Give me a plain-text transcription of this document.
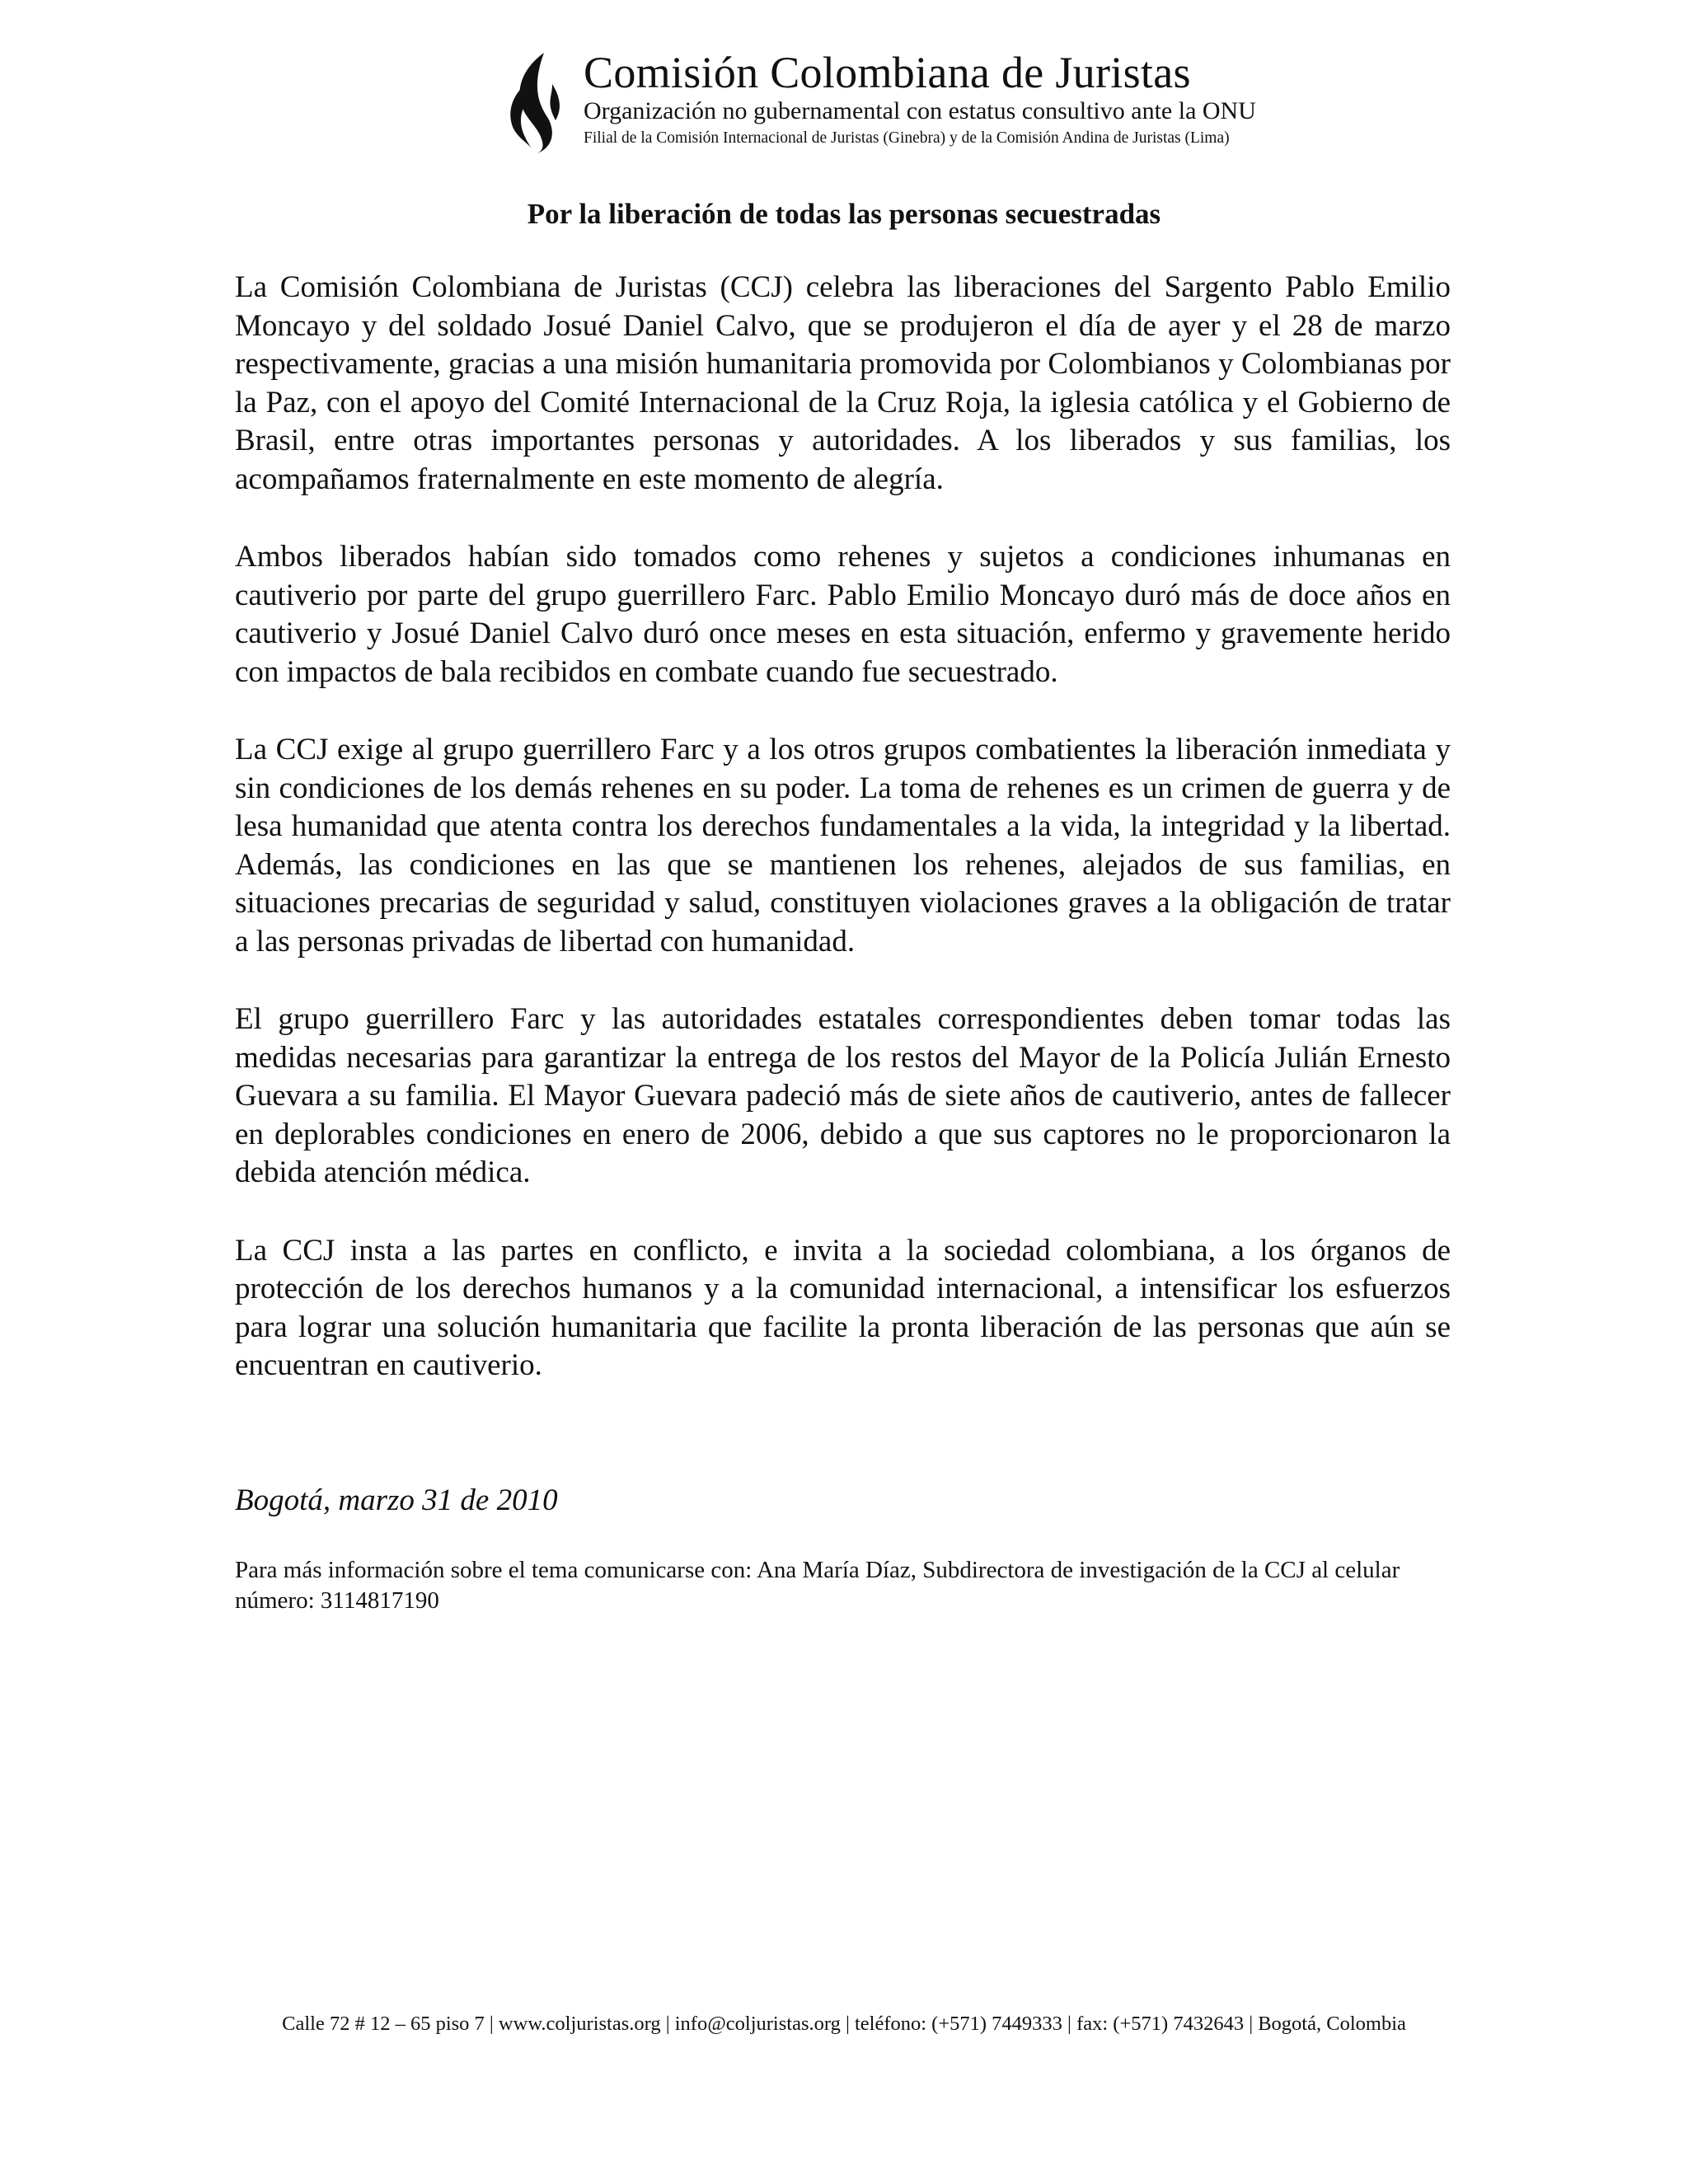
Comisión Colombiana de Juristas
Organización no gubernamental con estatus consultivo ante la ONU
Filial de la Comisión Internacional de Juristas (Ginebra) y de la Comisión Andina de Juristas (Lima)
Por la liberación de todas las personas secuestradas

La Comisión Colombiana de Juristas (CCJ) celebra las liberaciones del Sargento Pablo Emilio Moncayo y del soldado Josué Daniel Calvo, que se produjeron el día de ayer y el 28 de marzo respectivamente, gracias a una misión humanitaria promovida por Colombianos y Colombianas por la Paz, con el apoyo del Comité Internacional de la Cruz Roja, la iglesia católica y el Gobierno de Brasil, entre otras importantes personas y autoridades. A los liberados y sus familias, los acompañamos fraternalmente en este momento de alegría.

Ambos liberados habían sido tomados como rehenes y sujetos a condiciones inhumanas en cautiverio por parte del grupo guerrillero Farc. Pablo Emilio Moncayo duró más de doce años en cautiverio y Josué Daniel Calvo duró once meses en esta situación, enfermo y gravemente herido con impactos de bala recibidos en combate cuando fue secuestrado.

La CCJ exige al grupo guerrillero Farc y a los otros grupos combatientes la liberación inmediata y sin condiciones de los demás rehenes en su poder. La toma de rehenes es un crimen de guerra y de lesa humanidad que atenta contra los derechos fundamentales a la vida, la integridad y la libertad. Además, las condiciones en las que se mantienen los rehenes, alejados de sus familias, en situaciones precarias de seguridad y salud, constituyen violaciones graves a la obligación de tratar a las personas privadas de libertad con humanidad.

El grupo guerrillero Farc y las autoridades estatales correspondientes deben tomar todas las medidas necesarias para garantizar la entrega de los restos del Mayor de la Policía Julián Ernesto Guevara a su familia. El Mayor Guevara padeció más de siete años de cautiverio, antes de fallecer en deplorables condiciones en enero de 2006, debido a que sus captores no le proporcionaron la debida atención médica.

La CCJ insta a las partes en conflicto, e invita a la sociedad colombiana, a los órganos de protección de los derechos humanos y a la comunidad internacional, a intensificar los esfuerzos para lograr una solución humanitaria que facilite la pronta liberación de las personas que aún se encuentran en cautiverio.

Bogotá, marzo 31 de 2010
Para más información sobre el tema comunicarse con: Ana María Díaz, Subdirectora de investigación de la CCJ al celular número: 3114817190
Calle 72 # 12 – 65 piso 7 | www.coljuristas.org | info@coljuristas.org | teléfono: (+571) 7449333 | fax: (+571) 7432643 | Bogotá, Colombia
